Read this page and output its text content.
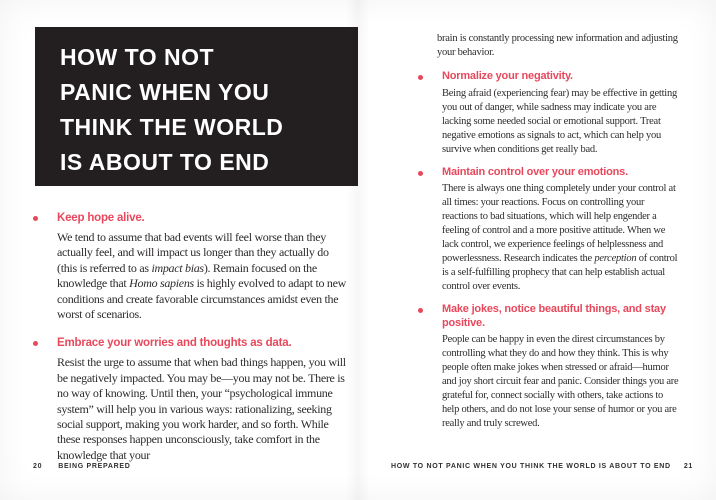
HOW TO NOT
PANIC WHEN YOU
THINK THE WORLD
IS ABOUT TO END
Keep hope alive.
We tend to assume that bad events will feel worse than they actually feel, and will impact us longer than they actually do (this is referred to as impact bias). Remain focused on the knowledge that Homo sapiens is highly evolved to adapt to new conditions and create favorable circumstances amidst even the worst of scenarios.
Embrace your worries and thoughts as data.
Resist the urge to assume that when bad things happen, you will be negatively impacted. You may be—you may not be. There is no way of knowing. Until then, your “psychological immune system” will help you in various ways: rationalizing, seeking social support, making you work harder, and so forth. While these responses happen unconsciously, take comfort in the knowledge that your
20 BEING PREPARED
brain is constantly processing new information and adjusting your behavior.
Normalize your negativity.
Being afraid (experiencing fear) may be effective in getting you out of danger, while sadness may indicate you are lacking some needed social or emotional support. Treat negative emotions as signals to act, which can help you survive when conditions get really bad.
Maintain control over your emotions.
There is always one thing completely under your control at all times: your reactions. Focus on controlling your reactions to bad situations, which will help engender a feeling of control and a more positive attitude. When we lack control, we experience feelings of helplessness and powerlessness. Research indicates the perception of control is a self-fulfilling prophecy that can help establish actual control over events.
Make jokes, notice beautiful things, and stay positive.
People can be happy in even the direst circumstances by controlling what they do and how they think. This is why people often make jokes when stressed or afraid—humor and joy short circuit fear and panic. Consider things you are grateful for, connect socially with others, take actions to help others, and do not lose your sense of humor or you are really and truly screwed.
HOW TO NOT PANIC WHEN YOU THINK THE WORLD IS ABOUT TO END 21
